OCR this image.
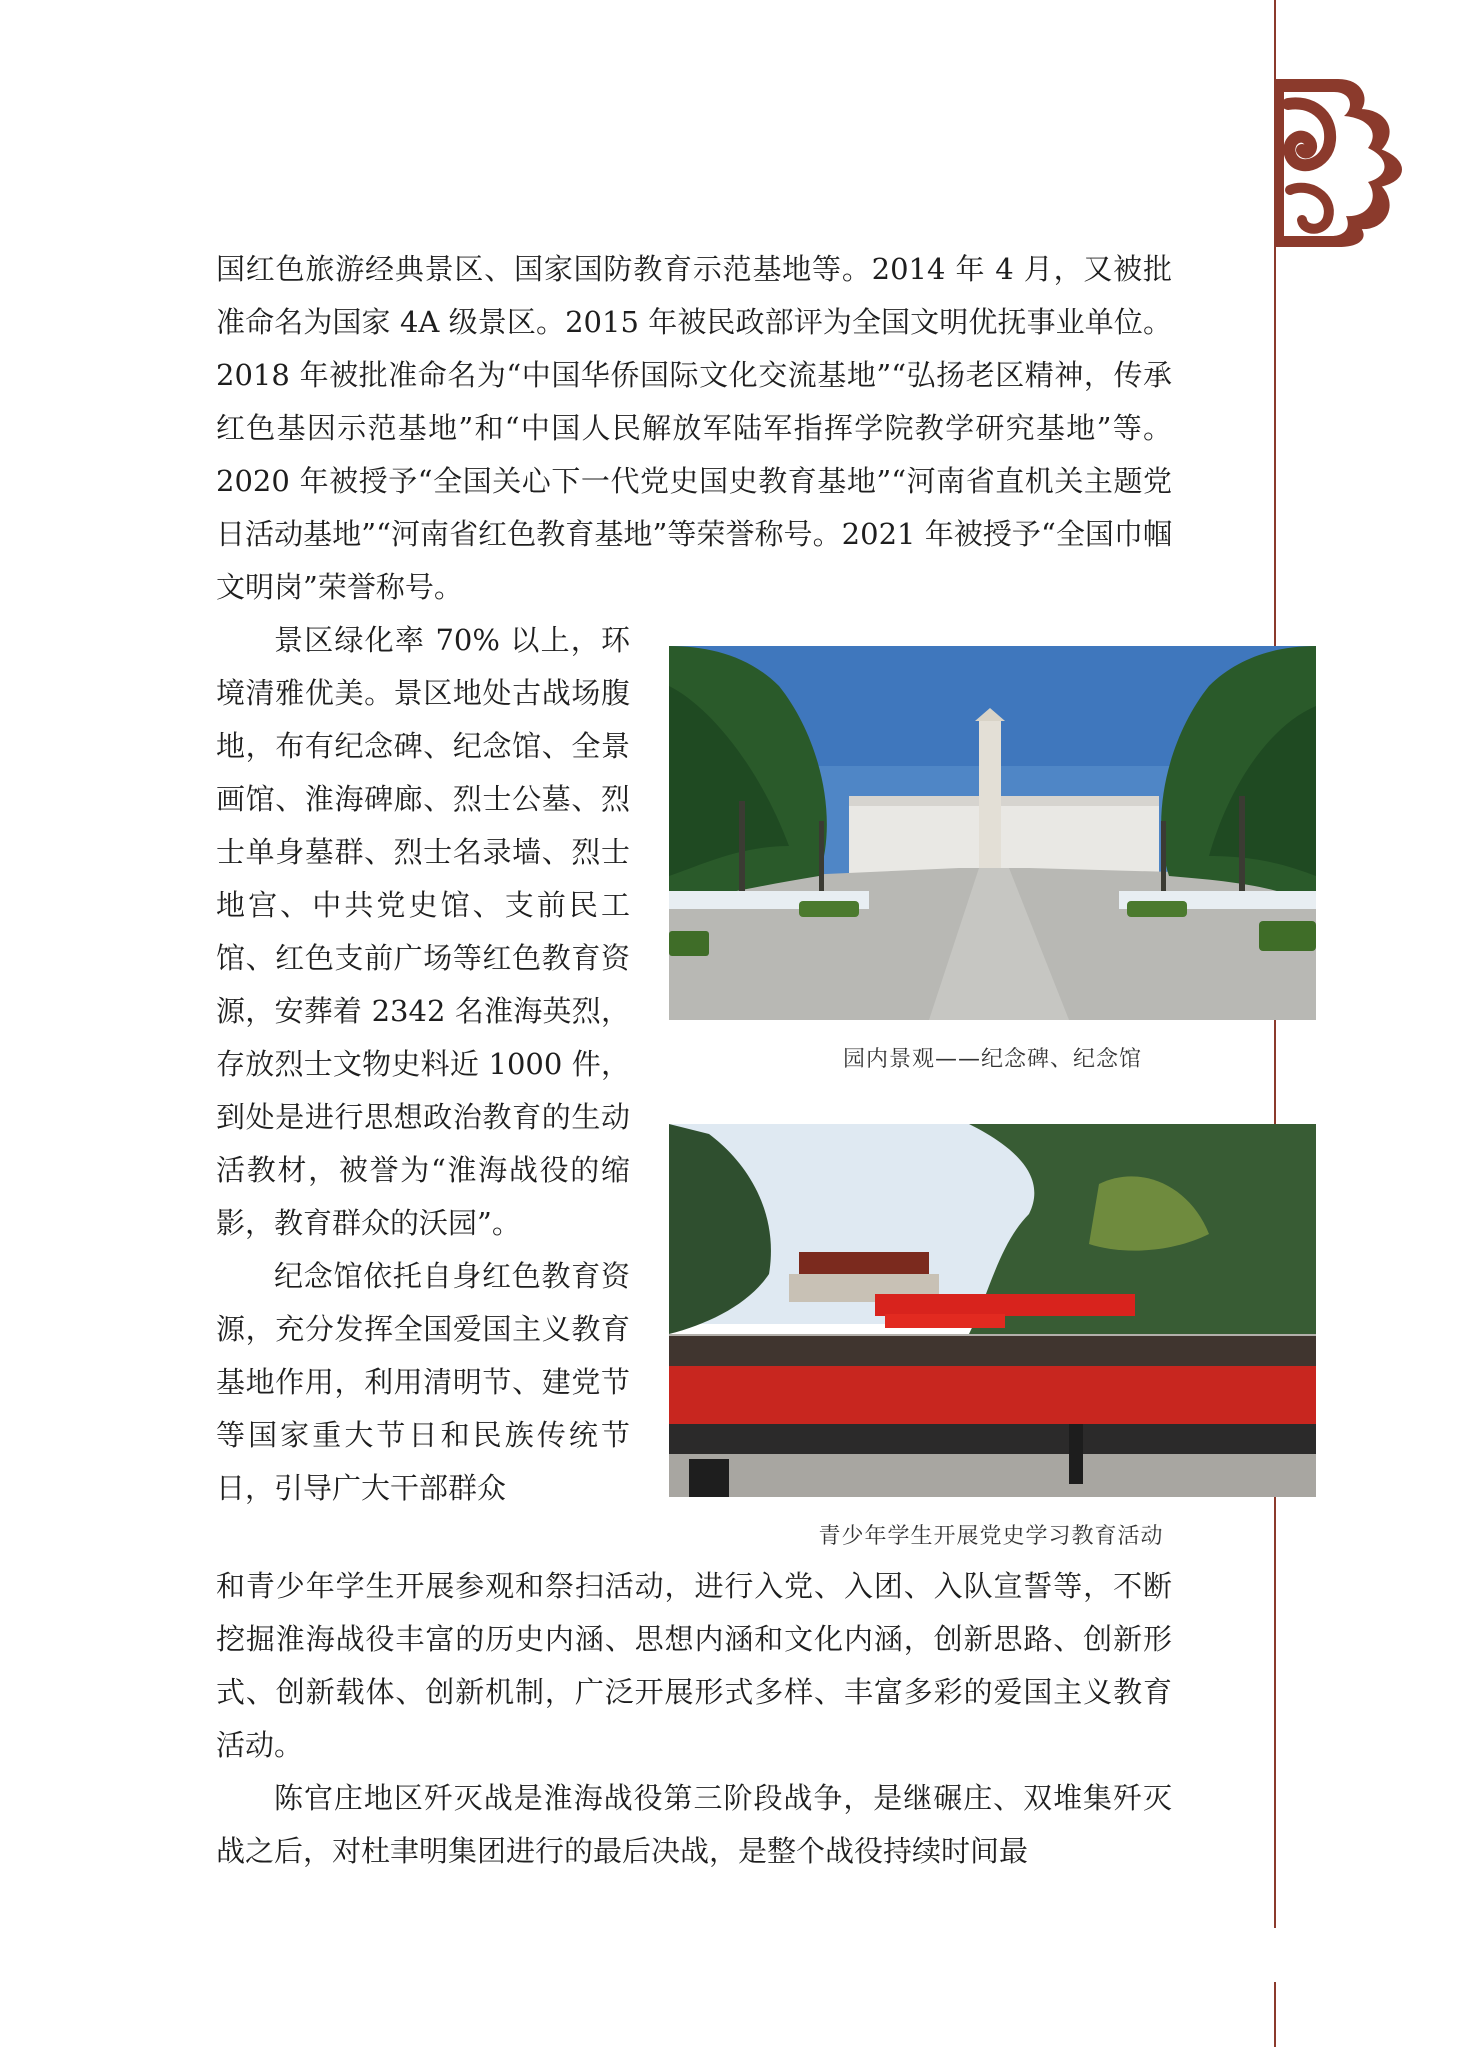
国红色旅游经典景区、国家国防教育示范基地等。2014 年 4 月，又被批准命名为国家 4A 级景区。2015 年被民政部评为全国文明优抚事业单位。2018 年被批准命名为“中国华侨国际文化交流基地”“弘扬老区精神，传承红色基因示范基地”和“中国人民解放军陆军指挥学院教学研究基地”等。2020 年被授予“全国关心下一代党史国史教育基地”“河南省直机关主题党日活动基地”“河南省红色教育基地”等荣誉称号。2021 年被授予“全国巾帼文明岗”荣誉称号。

景区绿化率 70% 以上，环境清雅优美。景区地处古战场腹地，布有纪念碑、纪念馆、全景画馆、淮海碑廊、烈士公墓、烈士单身墓群、烈士名录墙、烈士地宫、中共党史馆、支前民工馆、红色支前广场等红色教育资源，安葬着 2342 名淮海英烈，存放烈士文物史料近 1000 件，到处是进行思想政治教育的生动活教材，被誉为“淮海战役的缩影，教育群众的沃园”。

纪念馆依托自身红色教育资源，充分发挥全国爱国主义教育基地作用，利用清明节、建党节等国家重大节日和民族传统节日，引导广大干部群众

和青少年学生开展参观和祭扫活动，进行入党、入团、入队宣誓等，不断挖掘淮海战役丰富的历史内涵、思想内涵和文化内涵，创新思路、创新形式、创新载体、创新机制，广泛开展形式多样、丰富多彩的爱国主义教育活动。

陈官庄地区歼灭战是淮海战役第三阶段战争，是继碾庄、双堆集歼灭战之后，对杜聿明集团进行的最后决战，是整个战役持续时间最

园内景观——纪念碑、纪念馆
青少年学生开展党史学习教育活动
